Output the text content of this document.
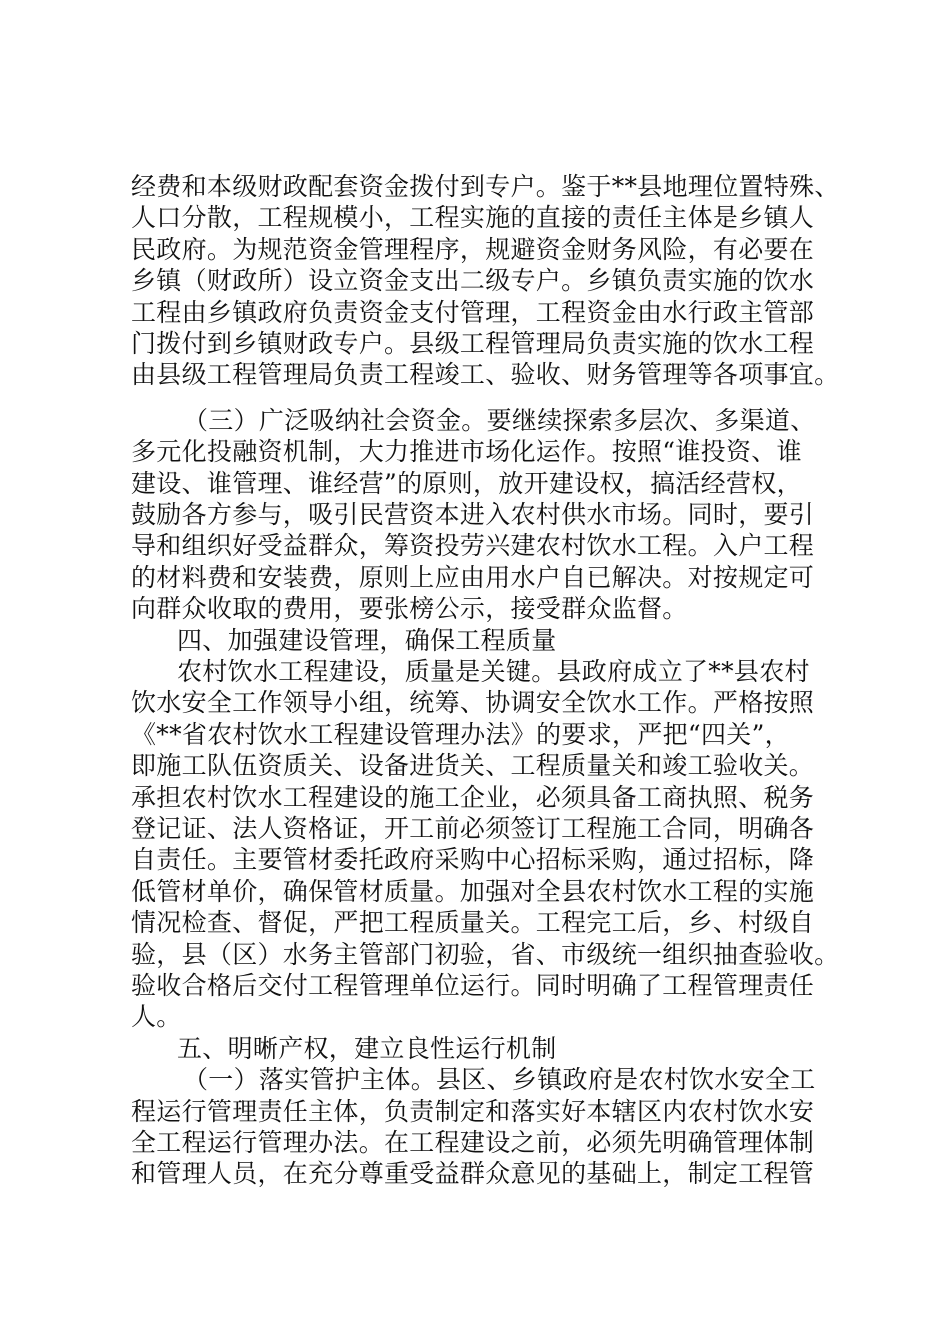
经费和本级财政配套资金拨付到专户。鉴于**县地理位置特殊、
人口分散，工程规模小，工程实施的直接的责任主体是乡镇人
民政府。为规范资金管理程序，规避资金财务风险，有必要在
乡镇（财政所）设立资金支出二级专户。乡镇负责实施的饮水
工程由乡镇政府负责资金支付管理，工程资金由水行政主管部
门拨付到乡镇财政专户。县级工程管理局负责实施的饮水工程
由县级工程管理局负责工程竣工、验收、财务管理等各项事宜。
（三）广泛吸纳社会资金。要继续探索多层次、多渠道、
多元化投融资机制，大力推进市场化运作。按照“谁投资、谁
建设、谁管理、谁经营”的原则，放开建设权，搞活经营权，
鼓励各方参与，吸引民营资本进入农村供水市场。同时，要引
导和组织好受益群众，筹资投劳兴建农村饮水工程。入户工程
的材料费和安装费，原则上应由用水户自已解决。对按规定可
向群众收取的费用，要张榜公示，接受群众监督。
四、加强建设管理，确保工程质量
农村饮水工程建设，质量是关键。县政府成立了**县农村
饮水安全工作领导小组，统筹、协调安全饮水工作。严格按照
《**省农村饮水工程建设管理办法》的要求，严把“四关”，
即施工队伍资质关、设备进货关、工程质量关和竣工验收关。
承担农村饮水工程建设的施工企业，必须具备工商执照、税务
登记证、法人资格证，开工前必须签订工程施工合同，明确各
自责任。主要管材委托政府采购中心招标采购，通过招标，降
低管材单价，确保管材质量。加强对全县农村饮水工程的实施
情况检查、督促，严把工程质量关。工程完工后，乡、村级自
验，县（区）水务主管部门初验，省、市级统一组织抽查验收。
验收合格后交付工程管理单位运行。同时明确了工程管理责任
人。
五、明晰产权，建立良性运行机制
（一）落实管护主体。县区、乡镇政府是农村饮水安全工
程运行管理责任主体，负责制定和落实好本辖区内农村饮水安
全工程运行管理办法。在工程建设之前，必须先明确管理体制
和管理人员，在充分尊重受益群众意见的基础上，制定工程管
